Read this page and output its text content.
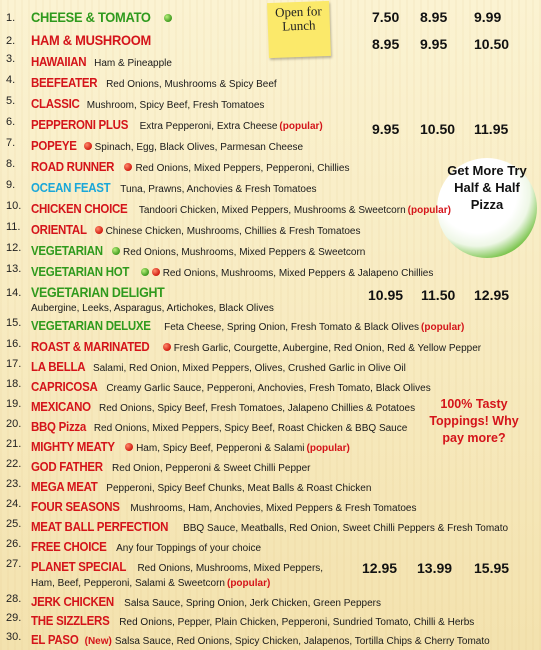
Open for Lunch
Get More Try Half & Half Pizza
100% Tasty Toppings! Why pay more?
1. CHEESE & TOMATO	7.50 8.95 9.99
2. HAM & MUSHROOM	8.95 9.95 10.50
3. HAWAIIAN Ham & Pineapple
4. BEEFEATER Red Onions, Mushrooms & Spicy Beef
5. CLASSIC Mushroom, Spicy Beef, Fresh Tomatoes
6. PEPPERONI PLUS Extra Pepperoni, Extra Cheese (popular)	9.95 10.50 11.95
7. POPEYE Spinach, Egg, Black Olives, Parmesan Cheese
8. ROAD RUNNER Red Onions, Mixed Peppers, Pepperoni, Chillies
9. OCEAN FEAST Tuna, Prawns, Anchovies & Fresh Tomatoes
10. CHICKEN CHOICE Tandoori Chicken, Mixed Peppers, Mushrooms & Sweetcorn (popular)
11. ORIENTAL Chinese Chicken, Mushrooms, Chillies & Fresh Tomatoes
12. VEGETARIAN Red Onions, Mushrooms, Mixed Peppers & Sweetcorn
13. VEGETARIAN HOT	Red Onions, Mushrooms, Mixed Peppers & Jalapeno Chillies
14. VEGETARIAN DELIGHT	10.95 11.50 12.95
Aubergine, Leeks, Asparagus, Artichokes, Black Olives
15. VEGETARIAN DELUXE Feta Cheese, Spring Onion, Fresh Tomato & Black Olives (popular)
16. ROAST & MARINATED Fresh Garlic, Courgette, Aubergine, Red Onion, Red & Yellow Pepper
17. LA BELLA Salami, Red Onion, Mixed Peppers, Olives, Crushed Garlic in Olive Oil
18. CAPRICOSA Creamy Garlic Sauce, Pepperoni, Anchovies, Fresh Tomato, Black Olives
19. MEXICANO Red Onions, Spicy Beef, Fresh Tomatoes, Jalapeno Chillies & Potatoes
20. BBQ Pizza Red Onions, Mixed Peppers, Spicy Beef, Roast Chicken & BBQ Sauce
21. MIGHTY MEATY Ham, Spicy Beef, Pepperoni & Salami (popular)
22. GOD FATHER Red Onion, Pepperoni & Sweet Chilli Pepper
23. MEGA MEAT Pepperoni, Spicy Beef Chunks, Meat Balls & Roast Chicken
24. FOUR SEASONS Mushrooms, Ham, Anchovies, Mixed Peppers & Fresh Tomatoes
25. MEAT BALL PERFECTION BBQ Sauce, Meatballs, Red Onion, Sweet Chilli Peppers & Fresh Tomato
26. FREE CHOICE Any four Toppings of your choice
27. PLANET SPECIAL Red Onions, Mushrooms, Mixed Peppers,	12.95 13.99 15.95
Ham, Beef, Pepperoni, Salami & Sweetcorn (popular)
28. JERK CHICKEN Salsa Sauce, Spring Onion, Jerk Chicken, Green Peppers
29. THE SIZZLERS Red Onions, Pepper, Plain Chicken, Pepperoni, Sundried Tomato, Chilli & Herbs
30. EL PASO (New) Salsa Sauce, Red Onions, Spicy Chicken, Jalapenos, Tortilla Chips & Cherry Tomato
